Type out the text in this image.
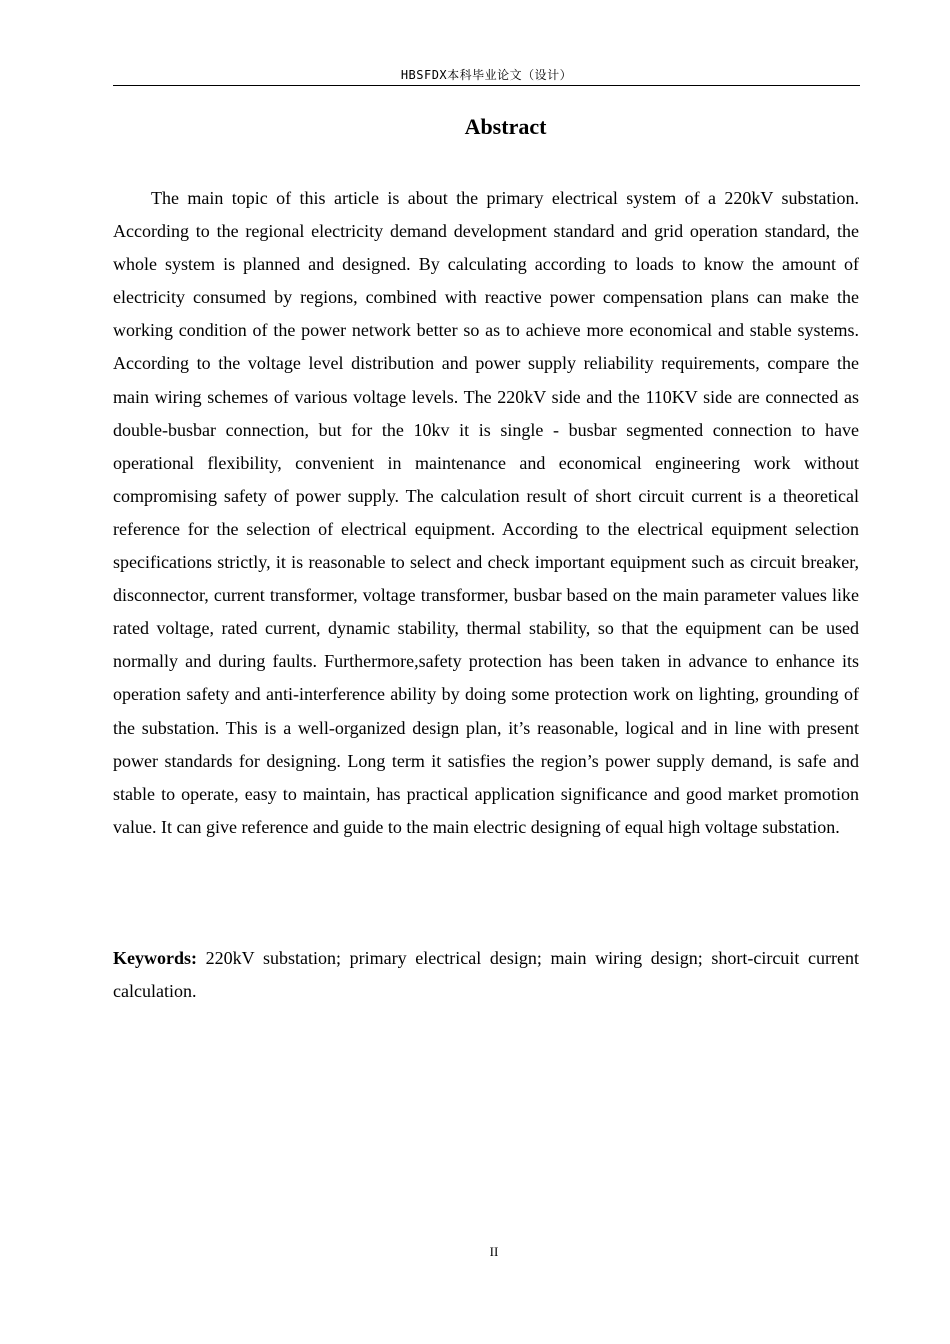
HBSFDX本科毕业论文（设计）
Abstract

The main topic of this article is about the primary electrical system of a 220kV substation. According to the regional electricity demand development standard and grid operation standard, the whole system is planned and designed. By calculating according to loads to know the amount of electricity consumed by regions, combined with reactive power compensation plans can make the working condition of the power network better so as to achieve more economical and stable systems. According to the voltage level distribution and power supply reliability requirements, compare the main wiring schemes of various voltage levels. The 220kV side and the 110KV side are connected as double-busbar connection, but for the 10kv it is single - busbar segmented connection to have operational flexibility, convenient in maintenance and economical engineering work without compromising safety of power supply. The calculation result of short circuit current is a theoretical reference for the selection of electrical equipment. According to the electrical equipment selection specifications strictly, it is reasonable to select and check important equipment such as circuit breaker, disconnector, current transformer, voltage transformer, busbar based on the main parameter values like rated voltage, rated current, dynamic stability, thermal stability, so that the equipment can be used normally and during faults. Furthermore,safety protection has been taken in advance to enhance its operation safety and anti-interference ability by doing some protection work on lighting, grounding of the substation. This is a well-organized design plan, it’s reasonable, logical and in line with present power standards for designing. Long term it satisfies the region’s power supply demand, is safe and stable to operate, easy to maintain, has practical application significance and good market promotion value. It can give reference and guide to the main electric designing of equal high voltage substation.

Keywords: 220kV substation; primary electrical design; main wiring design; short-circuit current calculation.

II
